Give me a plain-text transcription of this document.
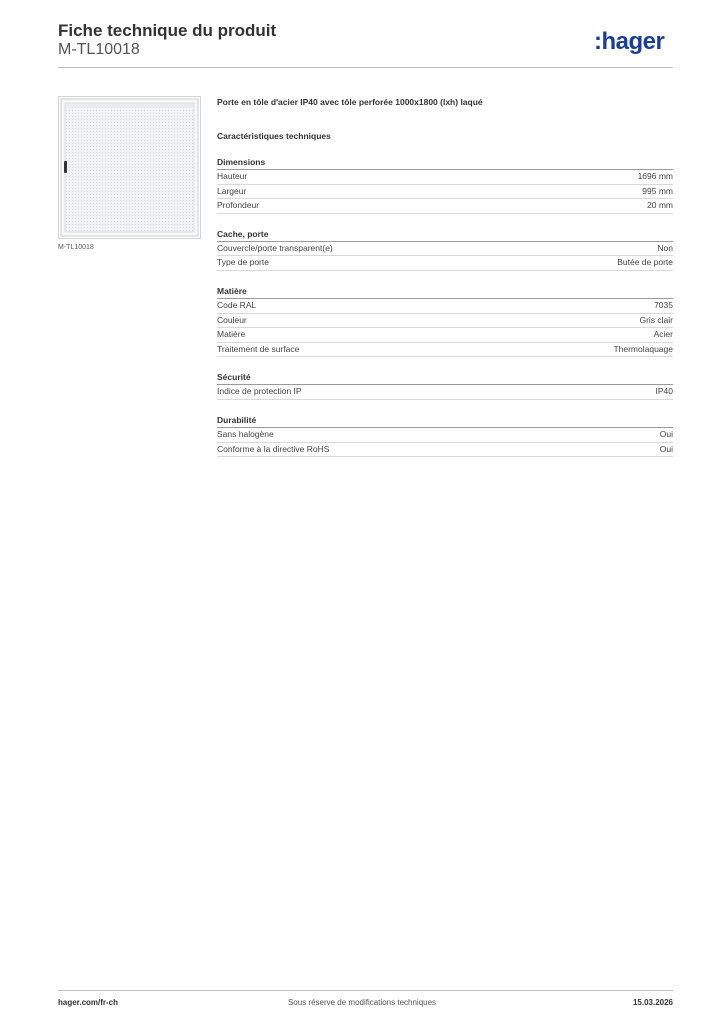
Fiche technique du produit
M-TL10018	:hager
M-TL10018
Porte en tôle d'acier IP40 avec tôle perforée 1000x1800 (lxh) laqué
Caractéristiques techniques
Dimensions
Hauteur	1696 mm
Largeur	995 mm
Profondeur	20 mm
Cache, porte
Couvercle/porte transparent(e)	Non
Type de porte	Butée de porte
Matière
Code RAL	7035
Couleur	Gris clair
Matière	Acier
Traitement de surface	Thermolaquage
Sécurité
Indice de protection IP	IP40
Durabilité
Sans halogène	Oui
Conforme à la directive RoHS	Oui
hager.com/fr-ch	Sous réserve de modifications techniques	15.03.2026
